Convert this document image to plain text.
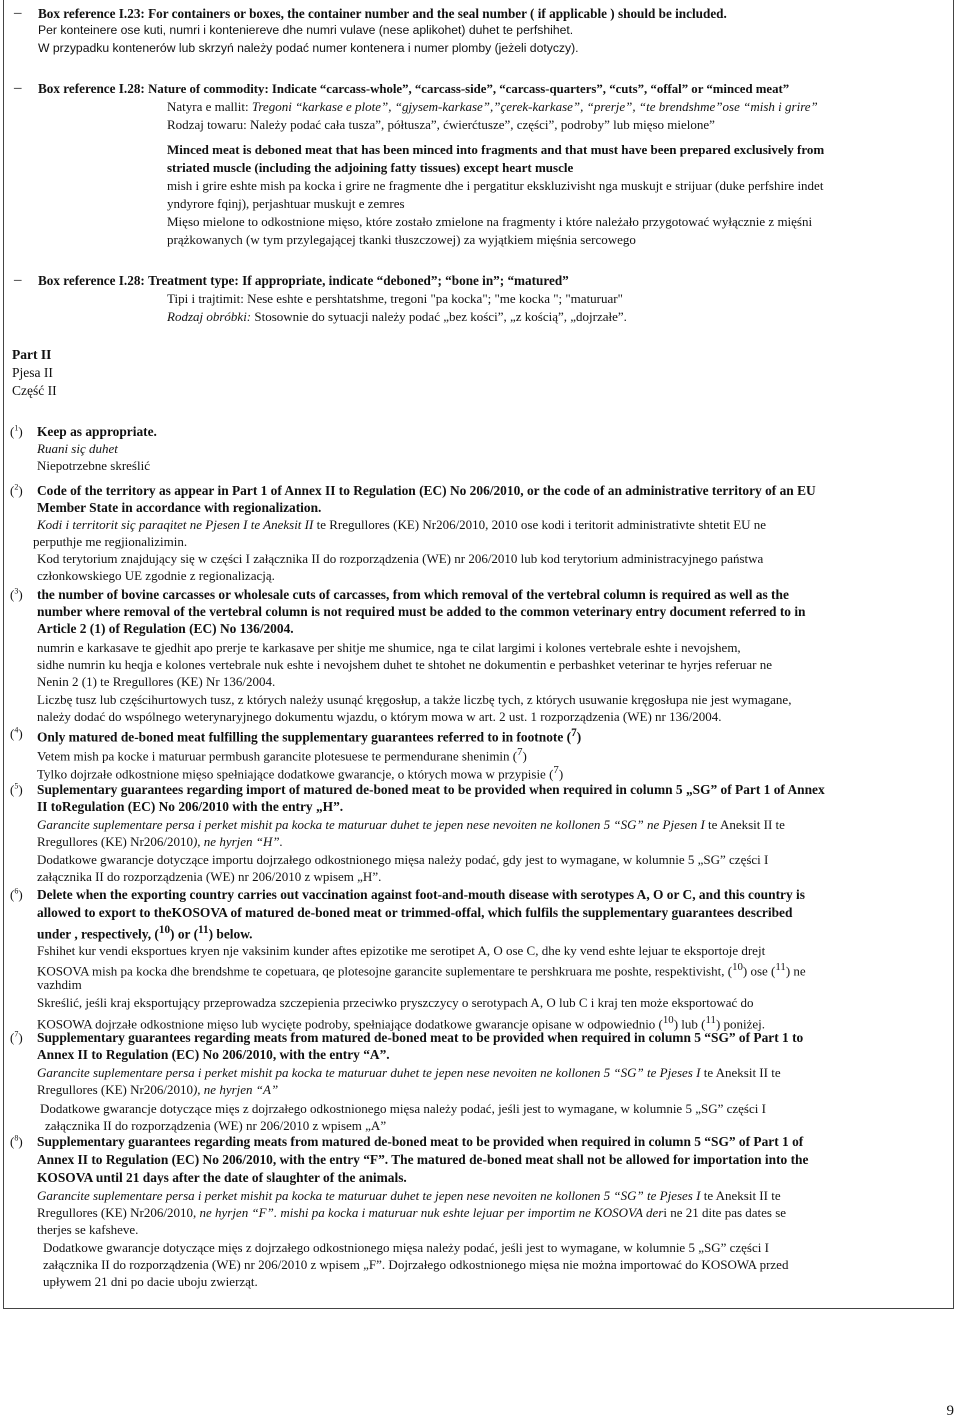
– Box reference I.23: For containers or boxes, the container number and the seal number ( if applicable ) should be included.
Per konteinere ose kuti, numri i kontenierеve dhe numri vulave (nese aplikohet) duhet te perfshihet.
W przypadku kontenerów lub skrzyń należy podać numer kontenera i numer plomby (jeżeli dotyczy).
– Box reference I.28: Nature of commodity: Indicate “carcass-whole”, “carcass-side”, “carcass-quarters”, “cuts”, “offal” or “minced meat”
Natyra e mallit: Tregoni “karkase e plote”, “gjysem-karkase”,”çerek-karkase”, “prerje”, “te brendshme”ose “mish i grire”
Rodzaj towaru: Należy podać cała tusza”, półtusza”, ćwierćtusze”, części”, podroby” lub mięso mielone”
Minced meat is deboned meat that has been minced into fragments and that must have been prepared exclusively from
striated muscle (including the adjoining fatty tissues) except heart muscle
mish i grire eshte mish pa kocka i grire ne fragmente dhe i pergatitur ekskluzivisht nga muskujt e strijuar (duke perfshire indet
yndyrore fqinj), perjashtuar muskujt e zemres
Mięso mielone to odkostnione mięso, które zostało zmielone na fragmenty i które należało przygotować wyłącznie z mięśni
prążkowanych (w tym przylegającej tkanki tłuszczowej) za wyjątkiem mięśnia sercowego
– Box reference I.28: Treatment type: If appropriate, indicate “deboned”; “bone in”; “matured”
Tipi i trajtimit: Nese eshte e pershtatshme, tregoni "pa kocka"; "me kocka "; "maturuar"
Rodzaj obróbki: Stosownie do sytuacji należy podać „bez kości”, „z kością”, „dojrzałe”.
Part II
Pjesa II
Część II
($^1$) Keep as appropriate.
Ruani siç duhet
Niepotrzebne skreślić
($^2$) Code of the territory as appear in Part 1 of Annex II to Regulation (EC) No 206/2010, or the code of an administrative territory of an EU
Member State in accordance with regionalization.
Kodi i territorit siç paraqitet ne Pjesen I te Aneksit II te Rregullores (KE) Nr206/2010, 2010 ose kodi i teritorit administrativte shtetit EU ne
perputhje me regjionalizimin.
Kod terytorium znajdujący się w części I załącznika II do rozporządzenia (WE) nr 206/2010 lub kod terytorium administracyjnego państwa
członkowskiego UE zgodnie z regionalizacją.
($^3$) the number of bovine carcasses or wholesale cuts of carcasses, from which removal of the vertebral column is required as well as the
number where removal of the vertebral column is not required must be added to the common veterinary entry document referred to in
Article 2 (1) of Regulation (EC) No 136/2004.
numrin e karkasave te gjedhit apo prerje te karkasave per shitje me shumice, nga te cilat largimi i kolones vertebrale eshte i nevojshem,
sidhe numrin ku heqja e kolones vertebrale nuk eshte i nevojshem duhet te shtohet ne dokumentin e perbashket veterinar te hyrjes referuar ne
Nenin 2 (1) te Rregullores (KE) Nr 136/2004.
Liczbę tusz lub częścihurtowych tusz, z których należy usunąć kręgosłup, a także liczbę tych, z których usuwanie kręgosłupa nie jest wymagane,
należy dodać do wspólnego weterynaryjnego dokumentu wjazdu, o którym mowa w art. 2 ust. 1 rozporządzenia (WE) nr 136/2004.
($^4$) Only matured de-boned meat fulfilling the supplementary guarantees referred to in footnote ($^7$)
Vetem mish pa kocke i maturuar permbush garancite plotesuese te permendurane shenimin ($^7$)
Tylko dojrzałe odkostnione mięso spełniające dodatkowe gwarancje, o których mowa w przypisie ($^7$)
($^5$) Suplementary guarantees regarding import of matured de-boned meat to be provided when required in column 5 „SG” of Part 1 of Annex
II toRegulation (EC) No 206/2010 with the entry „H”.
Garancite suplementare persa i perket mishit pa kocka te maturuar duhet te jepen nese nevoiten ne kollonen 5 “SG” ne Pjesen I te Aneksit II te
Rregullores (KE) Nr206/2010), ne hyrjen “H”.
Dodatkowe gwarancje dotyczące importu dojrzałego odkostnionego mięsa należy podać, gdy jest to wymagane, w kolumnie 5 „SG” części I
załącznika II do rozporządzenia (WE) nr 206/2010 z wpisem „H”.
($^6$) Delete when the exporting country carries out vaccination against foot-and-mouth disease with serotypes A, O or C, and this country is
allowed to export to theKOSOVA of matured de-boned meat or trimmed-offal, which fulfils the supplementary guarantees described
under , respectively, ($^{10}$) or ($^{11}$) below.
Fshihet kur vendi eksportues kryen nje vaksinim kunder aftes epizotike me serotipet A, O ose C, dhe ky vend eshte lejuar te eksportoje drejt
KOSOVA mish pa kocka dhe brendshme te copetuara, qe plotesojne garancite suplementare te pershkruara me poshte, respektivisht, ($^{10}$) ose ($^{11}$) ne
vazhdim
Skreślić, jeśli kraj eksportujący przeprowadza szczepienia przeciwko pryszczycy o serotypach A, O lub C i kraj ten może eksportować do
KOSOWA dojrzałe odkostnione mięso lub wycięte podroby, spełniające dodatkowe gwarancje opisane w odpowiednio ($^{10}$) lub ($^{11}$) poniżej.
($^7$) Supplementary guarantees regarding meats from matured de-boned meat to be provided when required in column 5 “SG” of Part 1 to
Annex II to Regulation (EC) No 206/2010, with the entry “A”.
Garancite suplementare persa i perket mishit pa kocka te maturuar duhet te jepen nese nevoiten ne kollonen 5 “SG” te Pjeses I te Aneksit II te
Rregullores (KE) Nr206/2010), ne hyrjen “A”
Dodatkowe gwarancje dotyczące mięs z dojrzałego odkostnionego mięsa należy podać, jeśli jest to wymagane, w kolumnie 5 „SG” części I
załącznika II do rozporządzenia (WE) nr 206/2010 z wpisem „A”
($^8$) Supplementary guarantees regarding meats from matured de-boned meat to be provided when required in column 5 “SG” of Part 1 of
Annex II to Regulation (EC) No 206/2010, with the entry “F”. The matured de-boned meat shall not be allowed for importation into the
KOSOVA until 21 days after the date of slaughter of the animals.
Garancite suplementare persa i perket mishit pa kocka te maturuar duhet te jepen nese nevoiten ne kollonen 5 “SG” te Pjeses I te Aneksit II te
Rregullores (KE) Nr206/2010, ne hyrjen “F”. mishi pa kocka i maturuar nuk eshte lejuar per importim ne KOSOVA deri ne 21 dite pas dates se
therjes se kafsheve.
Dodatkowe gwarancje dotyczące mięs z dojrzałego odkostnionego mięsa należy podać, jeśli jest to wymagane, w kolumnie 5 „SG” części I
załącznika II do rozporządzenia (WE) nr 206/2010 z wpisem „F”. Dojrzałego odkostnionego mięsa nie można importować do KOSOWA przed
upływem 21 dni po dacie uboju zwierząt.
9
